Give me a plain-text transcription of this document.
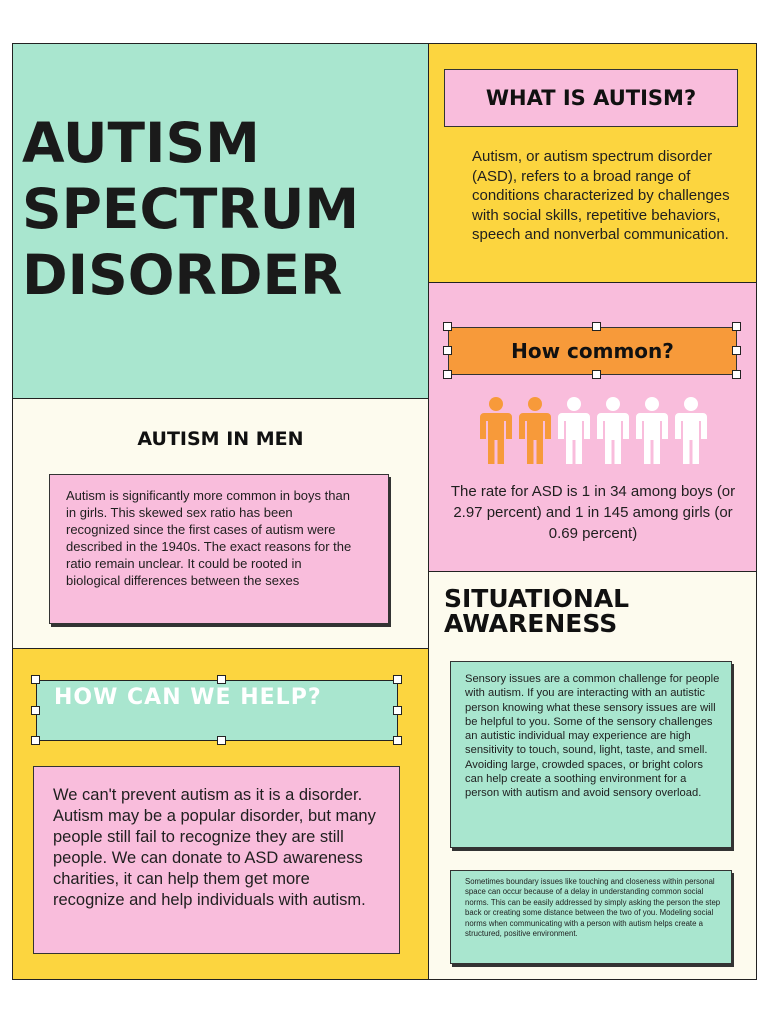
AUTISM
SPECTRUM
DISORDER
AUTISM IN MEN
Autism is significantly more common in boys than in girls. This skewed sex ratio has been recognized since the first cases of autism were described in the 1940s. The exact reasons for the ratio remain unclear. It could be rooted in biological differences between the sexes
HOW CAN WE HELP?
We can't prevent autism as it is a disorder. Autism may be a popular disorder, but many people still fail to recognize they are still people. We can donate to ASD awareness charities, it can help them get more recognize and help individuals with autism.
WHAT IS AUTISM?
Autism, or autism spectrum disorder (ASD), refers to a broad range of conditions characterized by challenges with social skills, repetitive behaviors, speech and nonverbal communication.
How common?
The rate for ASD is 1 in 34 among boys (or 2.97 percent) and 1 in 145 among girls (or 0.69 percent)
SITUATIONAL
AWARENESS
Sensory issues are a common challenge for people with autism. If you are interacting with an autistic person knowing what these sensory issues are will be helpful to you. Some of the sensory challenges an autistic individual may experience are high sensitivity to touch, sound, light, taste, and smell. Avoiding large, crowded spaces, or bright colors can help create a soothing environment for a person with autism and avoid sensory overload.
Sometimes boundary issues like touching and closeness within personal space can occur because of a delay in understanding common social norms. This can be easily addressed by simply asking the person the step back or creating some distance between the two of you. Modeling social norms when communicating with a person with autism helps create a structured, positive environment.
